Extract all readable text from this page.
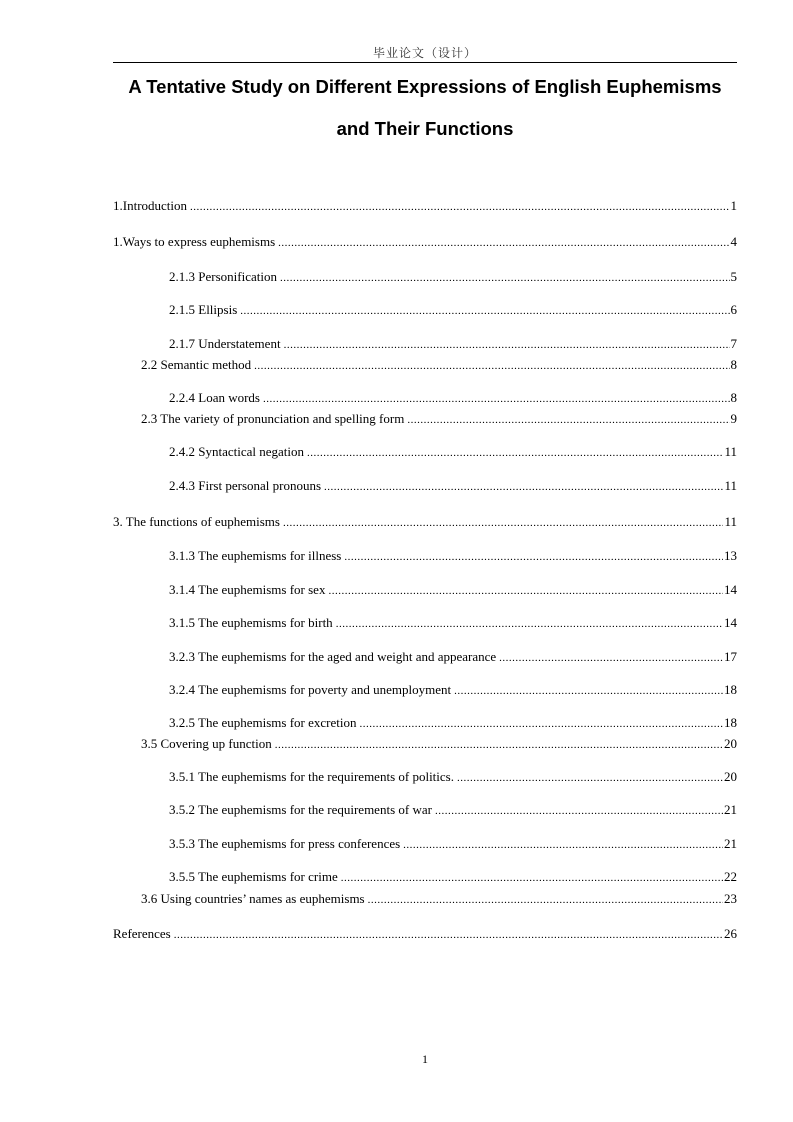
毕业论文（设计）
A Tentative Study on Different Expressions of English Euphemisms
and Their Functions
1.Introduction .....	1
1.Ways to express euphemisms .....	4
2.1.3 Personification .....	5
2.1.5 Ellipsis .....	6
2.1.7 Understatement .....	7
2.2 Semantic method .....	8
2.2.4 Loan words .....	8
2.3 The variety of pronunciation and spelling form .....	9
2.4.2 Syntactical negation .....	11
2.4.3 First personal pronouns .....	11
3. The functions of euphemisms .....	11
3.1.3 The euphemisms for illness .....	13
3.1.4 The euphemisms for sex .....	14
3.1.5 The euphemisms for birth .....	14
3.2.3 The euphemisms for the aged and weight and appearance .....	17
3.2.4 The euphemisms for poverty and unemployment .....	18
3.2.5 The euphemisms for excretion .....	18
3.5 Covering up function .....	20
3.5.1 The euphemisms for the requirements of politics. .....	20
3.5.2 The euphemisms for the requirements of war .....	21
3.5.3 The euphemisms for press conferences .....	21
3.5.5 The euphemisms for crime .....	22
3.6 Using countries’ names as euphemisms .....	23
References .....	26
1
